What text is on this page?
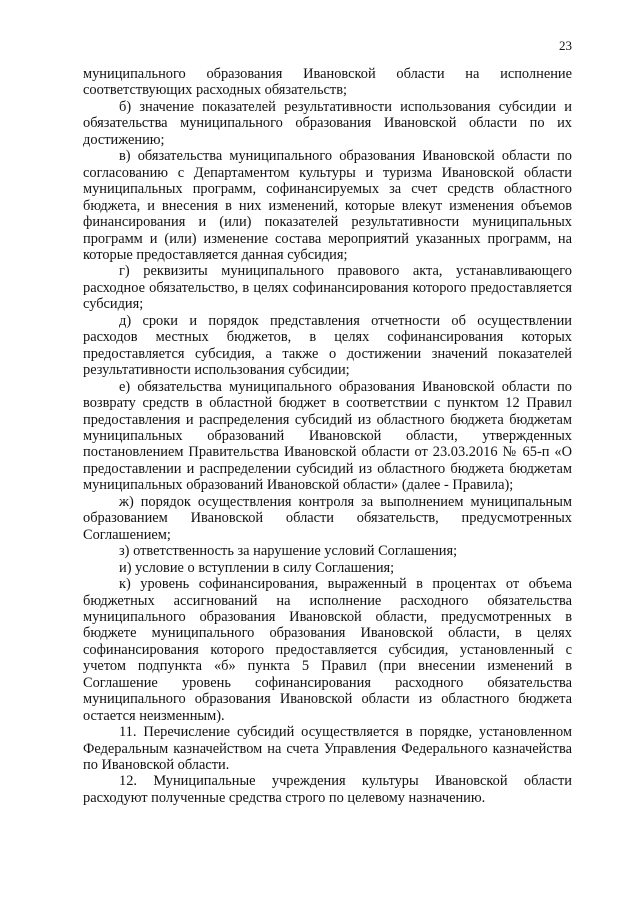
23

муниципального образования Ивановской области на исполнение соответствующих расходных обязательств;

б) значение показателей результативности использования субсидии и обязательства муниципального образования Ивановской области по их достижению;

в) обязательства муниципального образования Ивановской области по согласованию с Департаментом культуры и туризма Ивановской области муниципальных программ, софинансируемых за счет средств областного бюджета, и внесения в них изменений, которые влекут изменения объемов финансирования и (или) показателей результативности муниципальных программ и (или) изменение состава мероприятий указанных программ, на которые предоставляется данная субсидия;

г) реквизиты муниципального правового акта, устанавливающего расходное обязательство, в целях софинансирования которого предоставляется субсидия;

д) сроки и порядок представления отчетности об осуществлении расходов местных бюджетов, в целях софинансирования которых предоставляется субсидия, а также о достижении значений показателей результативности использования субсидии;

е) обязательства муниципального образования Ивановской области по возврату средств в областной бюджет в соответствии с пунктом 12 Правил предоставления и распределения субсидий из областного бюджета бюджетам муниципальных образований Ивановской области, утвержденных постановлением Правительства Ивановской области от 23.03.2016 № 65-п «О предоставлении и распределении субсидий из областного бюджета бюджетам муниципальных образований Ивановской области» (далее - Правила);

ж) порядок осуществления контроля за выполнением муниципальным образованием Ивановской области обязательств, предусмотренных Соглашением;

з) ответственность за нарушение условий Соглашения;

и) условие о вступлении в силу Соглашения;

к) уровень софинансирования, выраженный в процентах от объема бюджетных ассигнований на исполнение расходного обязательства муниципального образования Ивановской области, предусмотренных в бюджете муниципального образования Ивановской области, в целях софинансирования которого предоставляется субсидия, установленный с учетом подпункта «б» пункта 5 Правил (при внесении изменений в Соглашение уровень софинансирования расходного обязательства муниципального образования Ивановской области из областного бюджета остается неизменным).

11. Перечисление субсидий осуществляется в порядке, установленном Федеральным казначейством на счета Управления Федерального казначейства по Ивановской области.

12. Муниципальные учреждения культуры Ивановской области расходуют полученные средства строго по целевому назначению.
